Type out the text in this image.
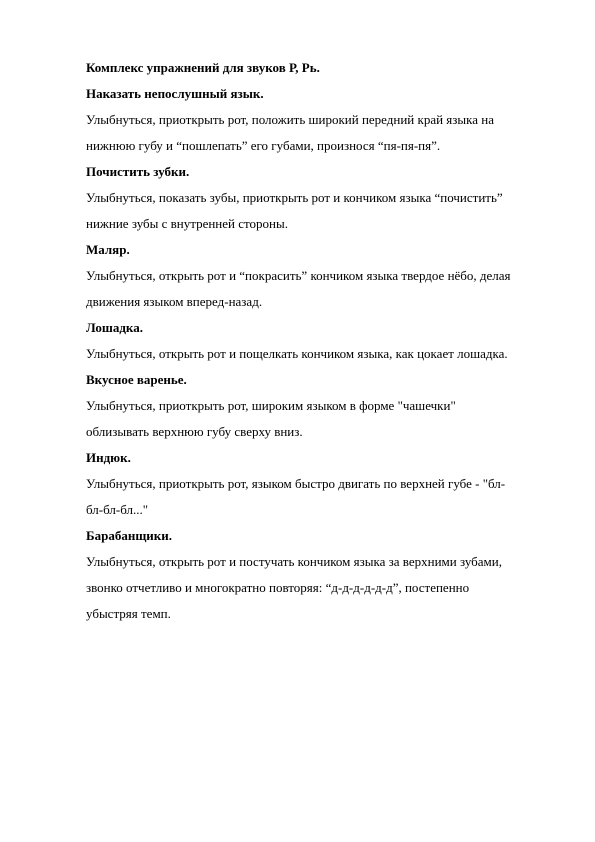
Комплекс упражнений для звуков Р, Рь.

Наказать непослушный язык.

Улыбнуться, приоткрыть рот, положить широкий передний край языка на

нижнюю губу и “пошлепать” его губами, произнося “пя-пя-пя”.

Почистить зубки.

Улыбнуться, показать зубы, приоткрыть рот и кончиком языка “почистить”

нижние зубы с внутренней стороны.

Маляр.

Улыбнуться, открыть рот и “покрасить” кончиком языка твердое нёбо, делая

движения языком вперед-назад.

Лошадка.

Улыбнуться, открыть рот и пощелкать кончиком языка, как цокает лошадка.

Вкусное варенье.

Улыбнуться, приоткрыть рот, широким языком в форме "чашечки"

облизывать верхнюю губу сверху вниз.

Индюк.

Улыбнуться, приоткрыть рот, языком быстро двигать по верхней губе - "бл-

бл-бл-бл..."

Барабанщики.

Улыбнуться, открыть рот и постучать кончиком языка за верхними зубами,

звонко отчетливо и многократно повторяя: “д-д-д-д-д-д”, постепенно

убыстряя темп.
